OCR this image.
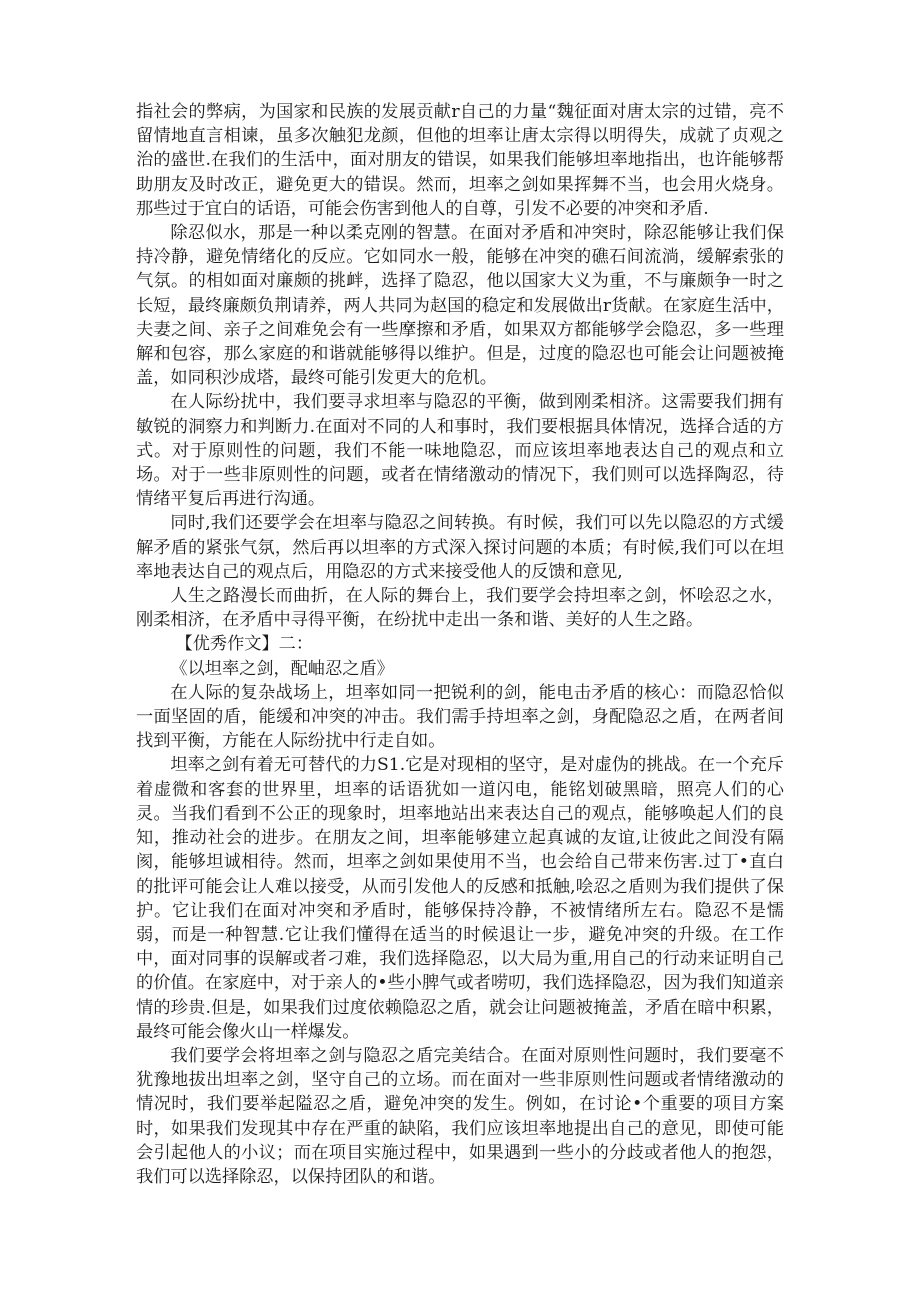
指社会的弊病，为国家和民族的发展贡献r自己的力量“魏征面对唐太宗的过错，亮不留情地直言相谏，虽多次触犯龙颜，但他的坦率让唐太宗得以明得失，成就了贞观之治的盛世.在我们的生活中，面对朋友的错误，如果我们能够坦率地指出，也许能够帮助朋友及时改正，避免更大的错误。然而，坦率之剑如果挥舞不当，也会用火烧身。那些过于宜白的话语，可能会伤害到他人的自尊，引发不必要的冲突和矛盾.

除忍似水，那是一种以柔克刚的智慧。在面对矛盾和冲突时，除忍能够让我们保持冷静，避免情绪化的反应。它如同水一般，能够在冲突的礁石间流淌，缓解索张的气氛。的相如面对廉颇的挑衅，选择了隐忍，他以国家大义为重，不与廉颇争一时之长短，最终廉颇负荆请养，两人共同为赵国的稳定和发展做出r货献。在家庭生活中，夫妻之间、亲子之间难免会有一些摩擦和矛盾，如果双方都能够学会隐忍，多一些理解和包容，那么家庭的和谐就能够得以维护。但是，过度的隐忍也可能会让问题被掩盖，如同积沙成塔，最终可能引发更大的危机。

在人际纷扰中，我们要寻求坦率与隐忍的平衡，做到刚柔相济。这需要我们拥有敏锐的洞察力和判断力.在面对不同的人和事时，我们要根据具体情况，选择合适的方式。对于原则性的问题，我们不能一味地隐忍，而应该坦率地表达自己的观点和立场。对于一些非原则性的问题，或者在情绪激动的情况下，我们则可以选择陶忍，待情绪平复后再进行沟通。

同时,我们还要学会在坦率与隐忍之间转换。有时候，我们可以先以隐忍的方式缓解矛盾的紧张气氛，然后再以坦率的方式深入探讨问题的本质；有时候,我们可以在坦率地表达自己的观点后，用隐忍的方式来接受他人的反馈和意见,

人生之路漫长而曲折，在人际的舞台上，我们要学会持坦率之剑，怀哙忍之水，刚柔相济，在矛盾中寻得平衡，在纷扰中走出一条和谐、美好的人生之路。

【优秀作文】二：

《以坦率之剑，配岫忍之盾》

在人际的复杂战场上，坦率如同一把锐利的剑，能电击矛盾的核心：而隐忍恰似一面坚固的盾，能缓和冲突的冲击。我们需手持坦率之剑，身配隐忍之盾，在两者间找到平衡，方能在人际纷扰中行走自如。

坦率之剑有着无可替代的力S1.它是对现相的坚守，是对虚伪的挑战。在一个充斥着虚微和客套的世界里，坦率的话语犹如一道闪电，能铭划破黑暗，照亮人们的心灵。当我们看到不公正的现象时，坦率地站出来表达自己的观点，能够唤起人们的良知，推动社会的进步。在朋友之间，坦率能够建立起真诚的友谊,让彼此之间没有隔阂，能够坦诚相待。然而，坦率之剑如果使用不当，也会给自己带来伤害.过丁•直白的批评可能会让人难以接受，从而引发他人的反感和抵触,哙忍之盾则为我们提供了保护。它让我们在面对冲突和矛盾时，能够保持冷静，不被情绪所左右。隐忍不是懦弱，而是一种智慧.它让我们懂得在适当的时候退让一步，避免冲突的升级。在工作中，面对同事的误解或者刁难，我们选择隐忍，以大局为重,用自己的行动来证明自己的价值。在家庭中，对于亲人的•些小脾气或者唠叨，我们选择隐忍，因为我们知道亲情的珍贵.但是，如果我们过度依赖隐忍之盾，就会让问题被掩盖，矛盾在暗中积累，最终可能会像火山一样爆发。

我们要学会将坦率之剑与隐忍之盾完美结合。在面对原则性问题时，我们要毫不犹豫地拔出坦率之剑，坚守自己的立场。而在面对一些非原则性问题或者情绪激动的情况时，我们要举起隘忍之盾，避免冲突的发生。例如，在讨论•个重要的项目方案时，如果我们发现其中存在严重的缺陷，我们应该坦率地提出自己的意见，即使可能会引起他人的小议；而在项目实施过程中，如果遇到一些小的分歧或者他人的抱怨，我们可以选择除忍，以保持团队的和谐。
